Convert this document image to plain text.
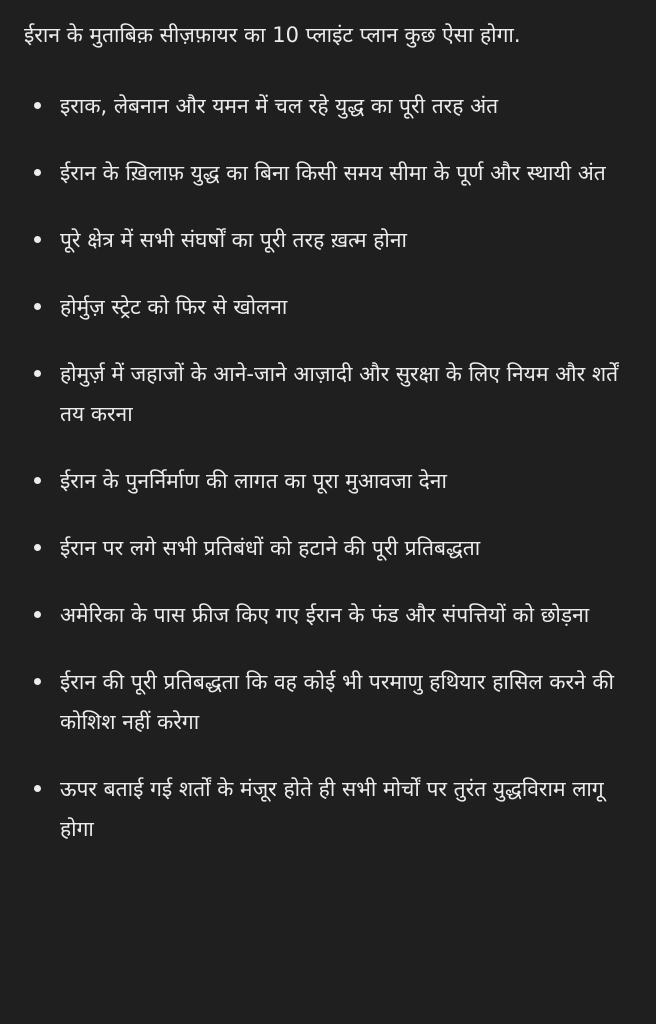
ईरान के मुताबिक़ सीज़फ़ायर का 10 प्लाइंट प्लान कुछ ऐसा होगा.

इराक, लेबनान और यमन में चल रहे युद्ध का पूरी तरह अंत
ईरान के ख़िलाफ़ युद्ध का बिना किसी समय सीमा के पूर्ण और स्थायी अंत
पूरे क्षेत्र में सभी संघर्षों का पूरी तरह ख़त्म होना
होर्मुज़ स्ट्रेट को फिर से खोलना
होमुर्ज़ में जहाजों के आने-जाने आज़ादी और सुरक्षा के लिए नियम और शर्तें तय करना
ईरान के पुनर्निर्माण की लागत का पूरा मुआवजा देना
ईरान पर लगे सभी प्रतिबंधों को हटाने की पूरी प्रतिबद्धता
अमेरिका के पास फ्रीज किए गए ईरान के फंड और संपत्तियों को छोड़ना
ईरान की पूरी प्रतिबद्धता कि वह कोई भी परमाणु हथियार हासिल करने की कोशिश नहीं करेगा
ऊपर बताई गई शर्तों के मंजूर होते ही सभी मोर्चों पर तुरंत युद्धविराम लागू होगा
